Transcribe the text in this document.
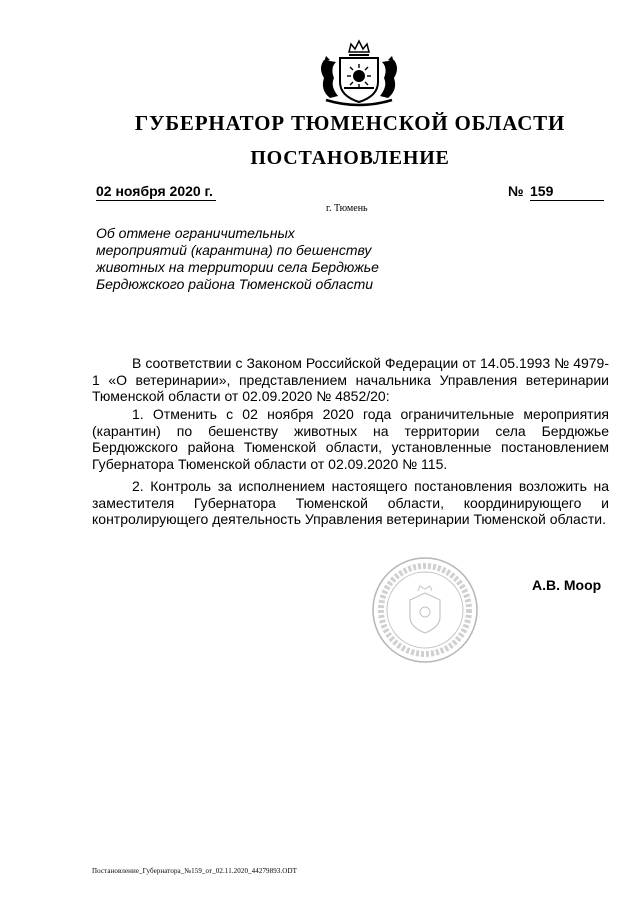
ГУБЕРНАТОР ТЮМЕНСКОЙ ОБЛАСТИ
ПОСТАНОВЛЕНИЕ
02 ноября 2020 г.	№ 159
г. Тюмень
Об отмене ограничительных мероприятий (карантина) по бешенству животных на территории села Бердюжье Бердюжского района Тюменской области
В соответствии с Законом Российской Федерации от 14.05.1993 № 4979-1 «О ветеринарии», представлением начальника Управления ветеринарии Тюменской области от 02.09.2020 № 4852/20:
1. Отменить с 02 ноября 2020 года ограничительные мероприятия (карантин) по бешенству животных на территории села Бердюжье Бердюжского района Тюменской области, установленные постановлением Губернатора Тюменской области от 02.09.2020 № 115.
2. Контроль за исполнением настоящего постановления возложить на заместителя Губернатора Тюменской области, координирующего и контролирующего деятельность Управления ветеринарии Тюменской области.
А.В. Моор
Постановление_Губернатора_№159_от_02.11.2020_44279893.ODT
